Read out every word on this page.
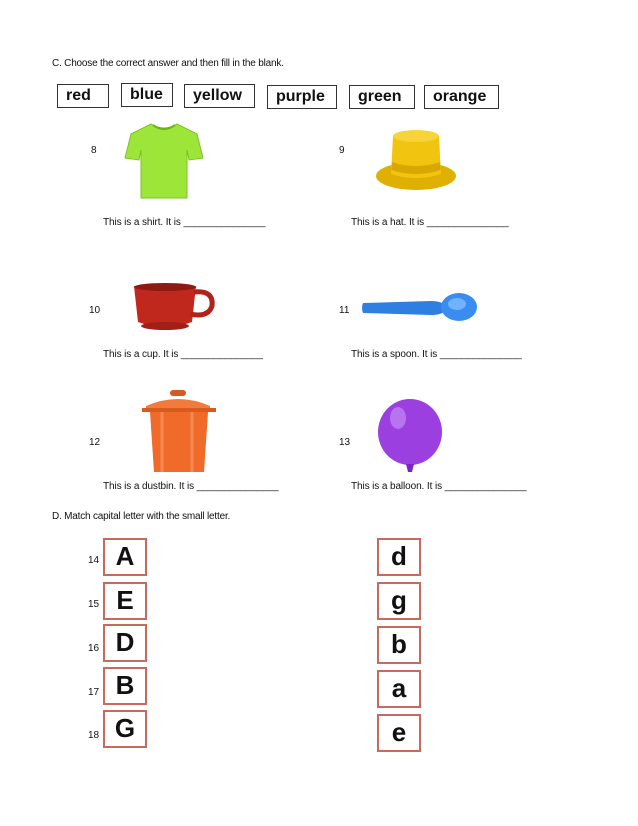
C. Choose the correct answer and then fill in the blank.
red	blue	yellow	purple	green	orange
8
This is a shirt. It is _______________
9
This is a hat. It is _______________
10
This is a cup. It is _______________
11
This is a spoon. It is _______________
12
This is a dustbin. It is _______________
13
This is a balloon. It is _______________
D. Match capital letter with the small letter.
14 A	d
15 E	g
16 D	b
17 B	a
18 G	e
